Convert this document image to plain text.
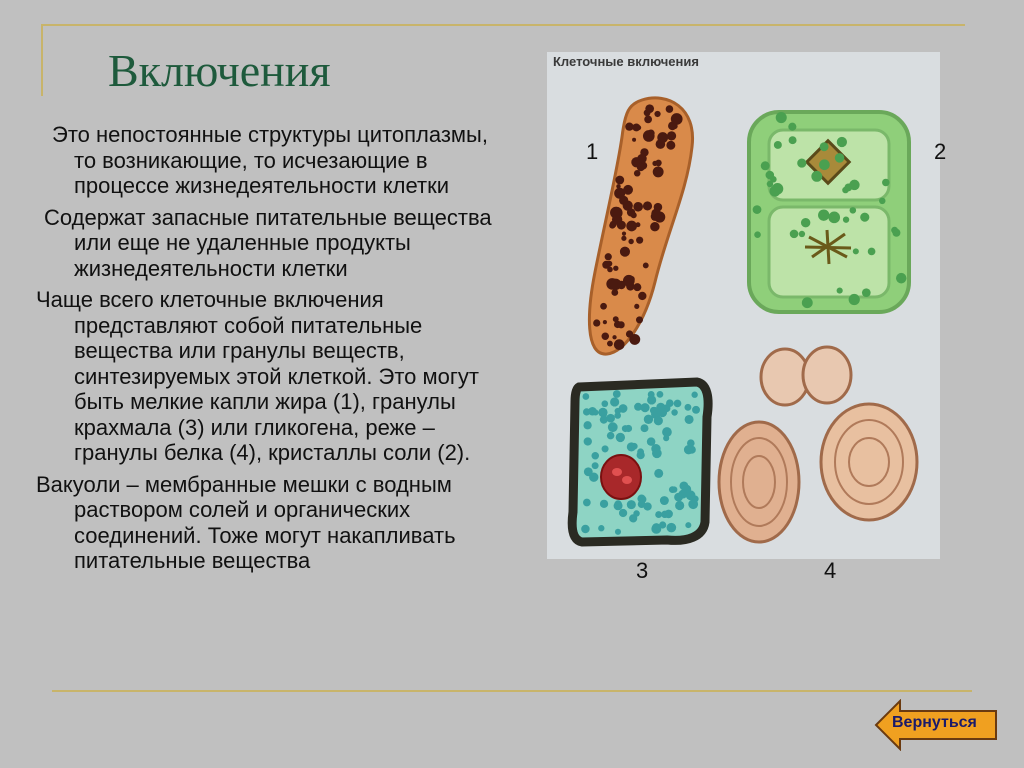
Включения
Это непостоянные структуры цитоплазмы, то возникающие, то исчезающие в процессе жизнедеятельности клетки
Содержат запасные питательные вещества или еще не удаленные продукты жизнедеятельности клетки
Чаще всего клеточные включения представляют собой питательные вещества или гранулы веществ, синтезируемых этой клеткой. Это могут быть мелкие капли жира (1), гранулы крахмала (3) или гликогена, реже – гранулы белка (4), кристаллы соли (2).
Вакуоли – мембранные мешки с водным раствором солей и органических соединений. Тоже могут накапливать питательные вещества
Клеточные включения
1	2
3	4
Вернуться
